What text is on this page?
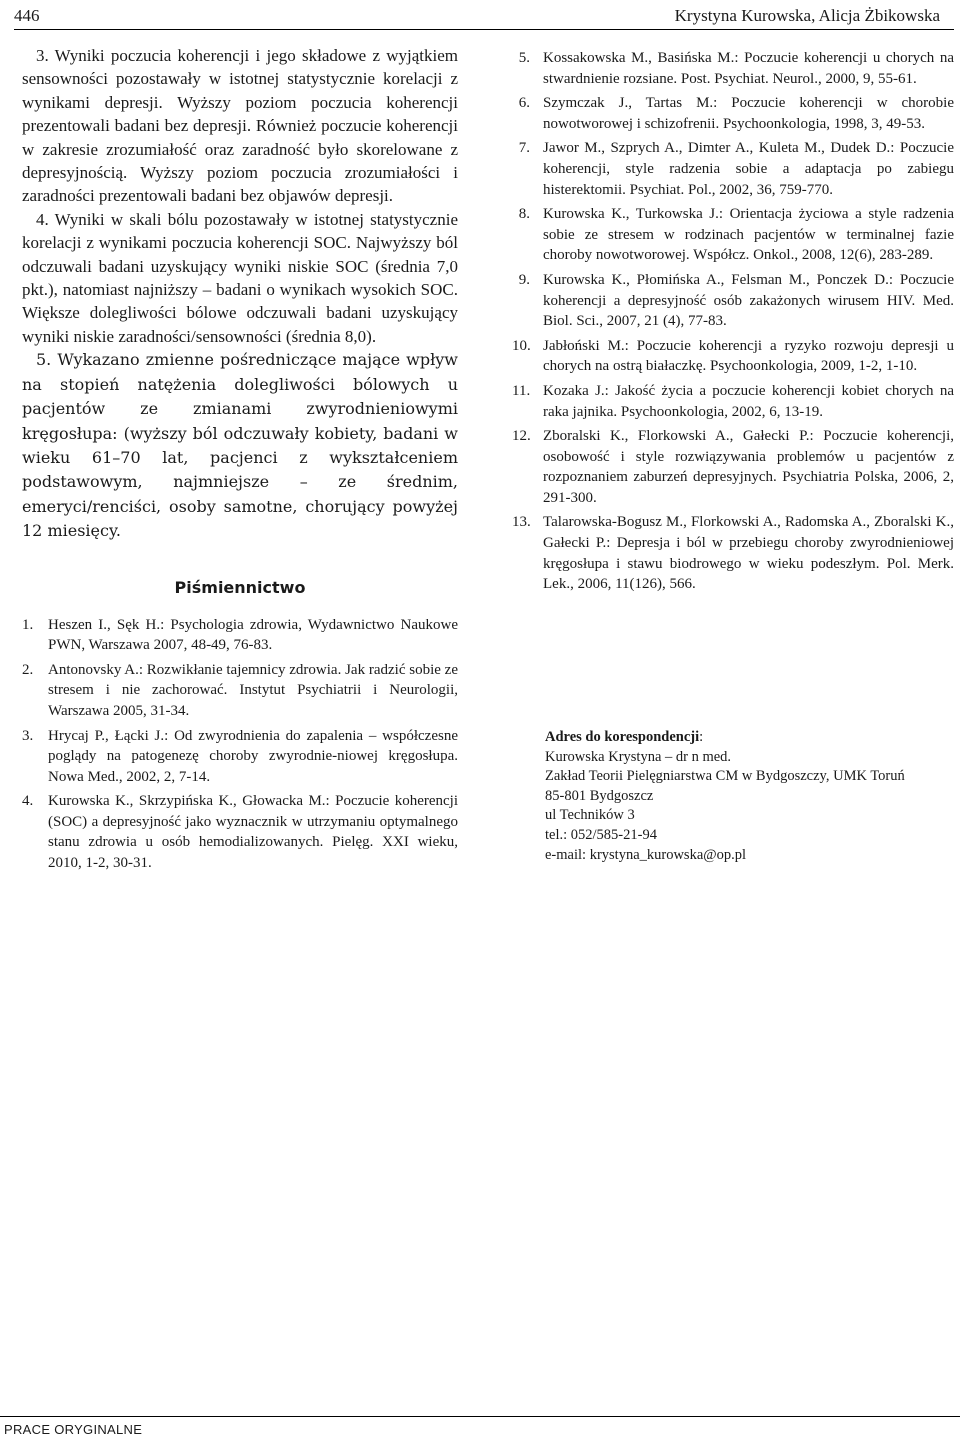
446	Krystyna Kurowska, Alicja Żbikowska

3. Wyniki poczucia koherencji i jego składowe z wyjątkiem sensowności pozostawały w istotnej statystycznie korelacji z wynikami depresji. Wyższy poziom poczucia koherencji prezentowali badani bez depresji. Również poczucie koherencji w zakresie zrozumiałość oraz zaradność było skorelowane z depresyjnością. Wyższy poziom poczucia zrozumiałości i zaradności prezentowali badani bez objawów depresji.

4. Wyniki w skali bólu pozostawały w istotnej statystycznie korelacji z wynikami poczucia koherencji SOC. Najwyższy ból odczuwali badani uzyskujący wyniki niskie SOC (średnia 7,0 pkt.), natomiast najniższy – badani o wynikach wysokich SOC. Większe dolegliwości bólowe odczuwali badani uzyskujący wyniki niskie zaradności/sensowności (średnia 8,0).

5. Wykazano zmienne pośredniczące mające wpływ na stopień natężenia dolegliwości bólowych u pacjentów ze zmianami zwyrodnieniowymi kręgosłupa: (wyższy ból odczuwały kobiety, badani w wieku 61–70 lat, pacjenci z wykształceniem podstawowym, najmniejsze – ze średnim, emeryci/renciści, osoby samotne, chorujący powyżej 12 miesięcy.

Piśmiennictwo
1. Heszen I., Sęk H.: Psychologia zdrowia, Wydawnictwo Naukowe PWN, Warszawa 2007, 48-49, 76-83.
2. Antonovsky A.: Rozwikłanie tajemnicy zdrowia. Jak radzić sobie ze stresem i nie zachorować. Instytut Psychiatrii i Neurologii, Warszawa 2005, 31-34.
3. Hrycaj P., Łącki J.: Od zwyrodnienia do zapalenia – współczesne poglądy na patogenezę choroby zwyrodnie-niowej kręgosłupa. Nowa Med., 2002, 2, 7-14.
4. Kurowska K., Skrzypińska K., Głowacka M.: Poczucie koherencji (SOC) a depresyjność jako wyznacznik w utrzymaniu optymalnego stanu zdrowia u osób hemodializowanych. Pielęg. XXI wieku, 2010, 1-2, 30-31.
5. Kossakowska M., Basińska M.: Poczucie koherencji u chorych na stwardnienie rozsiane. Post. Psychiat. Neurol., 2000, 9, 55-61.
6. Szymczak J., Tartas M.: Poczucie koherencji w chorobie nowotworowej i schizofrenii. Psychoonkologia, 1998, 3, 49-53.
7. Jawor M., Szprych A., Dimter A., Kuleta M., Dudek D.: Poczucie koherencji, style radzenia sobie a adaptacja po zabiegu histerektomii. Psychiat. Pol., 2002, 36, 759-770.
8. Kurowska K., Turkowska J.: Orientacja życiowa a style radzenia sobie ze stresem w rodzinach pacjentów w terminalnej fazie choroby nowotworowej. Współcz. Onkol., 2008, 12(6), 283-289.
9. Kurowska K., Płomińska A., Felsman M., Ponczek D.: Poczucie koherencji a depresyjność osób zakażonych wirusem HIV. Med. Biol. Sci., 2007, 21 (4), 77-83.
10. Jabłoński M.: Poczucie koherencji a ryzyko rozwoju depresji u chorych na ostrą białaczkę. Psychoonkologia, 2009, 1-2, 1-10.
11. Kozaka J.: Jakość życia a poczucie koherencji kobiet chorych na raka jajnika. Psychoonkologia, 2002, 6, 13-19.
12. Zboralski K., Florkowski A., Gałecki P.: Poczucie koherencji, osobowość i style rozwiązywania problemów u pacjentów z rozpoznaniem zaburzeń depresyjnych. Psychiatria Polska, 2006, 2, 291-300.
13. Talarowska-Bogusz M., Florkowski A., Radomska A., Zboralski K., Gałecki P.: Depresja i ból w przebiegu choroby zwyrodnieniowej kręgosłupa i stawu biodrowego w wieku podeszłym. Pol. Merk. Lek., 2006, 11(126), 566.
Adres do korespondencji:
Kurowska Krystyna – dr n med.
Zakład Teorii Pielęgniarstwa CM w Bydgoszczy, UMK Toruń
85-801 Bydgoszcz
ul Techników 3
tel.: 052/585-21-94
e-mail: krystyna_kurowska@op.pl
PRACE ORYGINALNE
